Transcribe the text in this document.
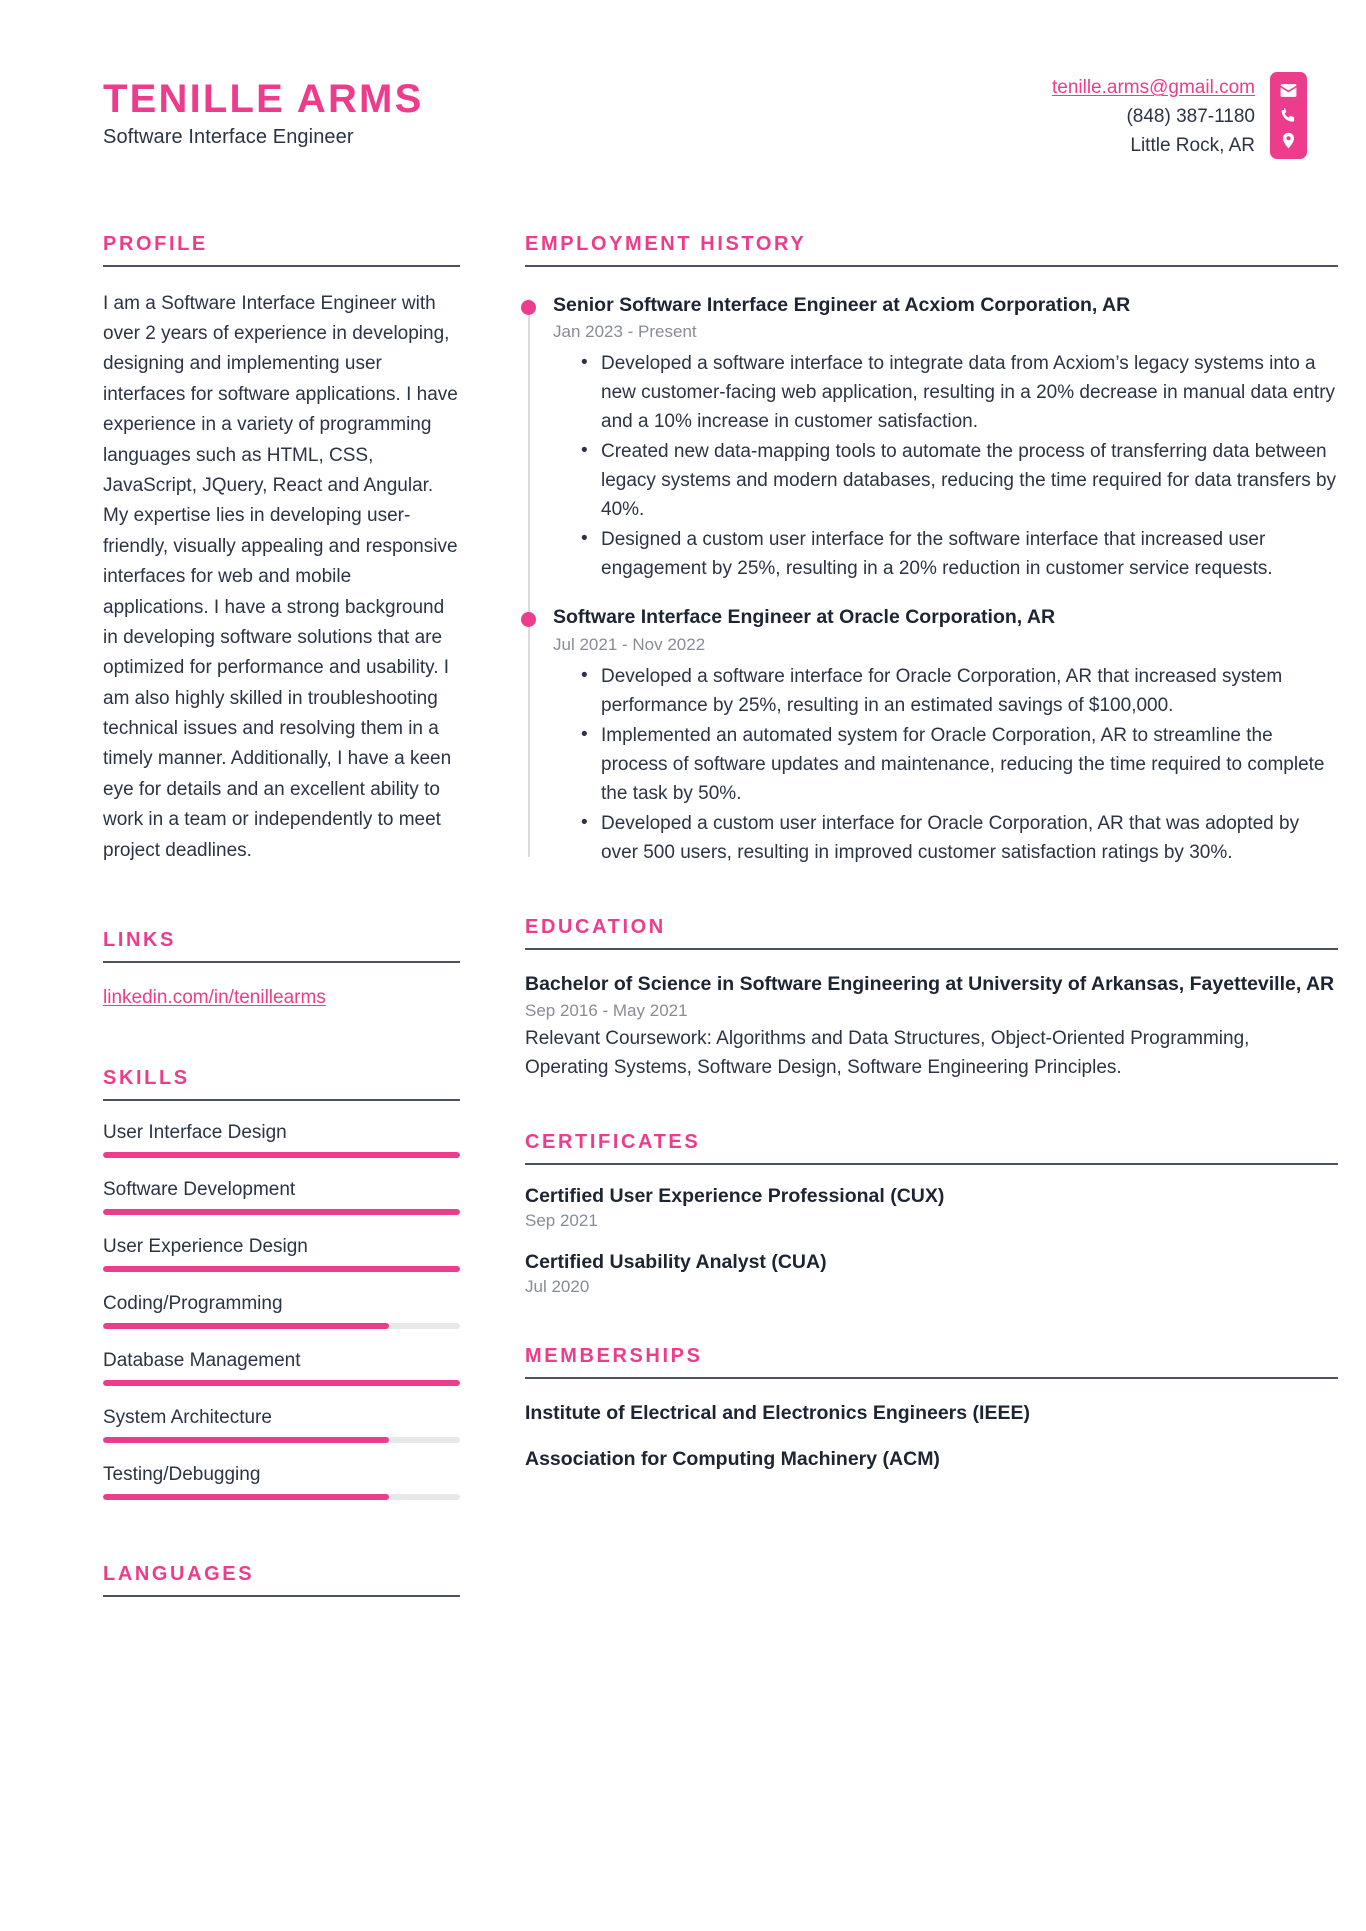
TENILLE ARMS
Software Interface Engineer
tenille.arms@gmail.com
(848) 387-1180
Little Rock, AR
PROFILE
I am a Software Interface Engineer with over 2 years of experience in developing, designing and implementing user interfaces for software applications. I have experience in a variety of programming languages such as HTML, CSS, JavaScript, JQuery, React and Angular. My expertise lies in developing user-friendly, visually appealing and responsive interfaces for web and mobile applications. I have a strong background in developing software solutions that are optimized for performance and usability. I am also highly skilled in troubleshooting technical issues and resolving them in a timely manner. Additionally, I have a keen eye for details and an excellent ability to work in a team or independently to meet project deadlines.
LINKS
linkedin.com/in/tenillearms
SKILLS
User Interface Design
Software Development
User Experience Design
Coding/Programming
Database Management
System Architecture
Testing/Debugging
LANGUAGES
EMPLOYMENT HISTORY
Senior Software Interface Engineer at Acxiom Corporation, AR
Jan 2023 - Present
• Developed a software interface to integrate data from Acxiom’s legacy systems into a new customer-facing web application, resulting in a 20% decrease in manual data entry and a 10% increase in customer satisfaction.
• Created new data-mapping tools to automate the process of transferring data between legacy systems and modern databases, reducing the time required for data transfers by 40%.
• Designed a custom user interface for the software interface that increased user engagement by 25%, resulting in a 20% reduction in customer service requests.
Software Interface Engineer at Oracle Corporation, AR
Jul 2021 - Nov 2022
• Developed a software interface for Oracle Corporation, AR that increased system performance by 25%, resulting in an estimated savings of $100,000.
• Implemented an automated system for Oracle Corporation, AR to streamline the process of software updates and maintenance, reducing the time required to complete the task by 50%.
• Developed a custom user interface for Oracle Corporation, AR that was adopted by over 500 users, resulting in improved customer satisfaction ratings by 30%.
EDUCATION
Bachelor of Science in Software Engineering at University of Arkansas, Fayetteville, AR
Sep 2016 - May 2021
Relevant Coursework: Algorithms and Data Structures, Object-Oriented Programming, Operating Systems, Software Design, Software Engineering Principles.
CERTIFICATES
Certified User Experience Professional (CUX)
Sep 2021
Certified Usability Analyst (CUA)
Jul 2020
MEMBERSHIPS
Institute of Electrical and Electronics Engineers (IEEE)
Association for Computing Machinery (ACM)
